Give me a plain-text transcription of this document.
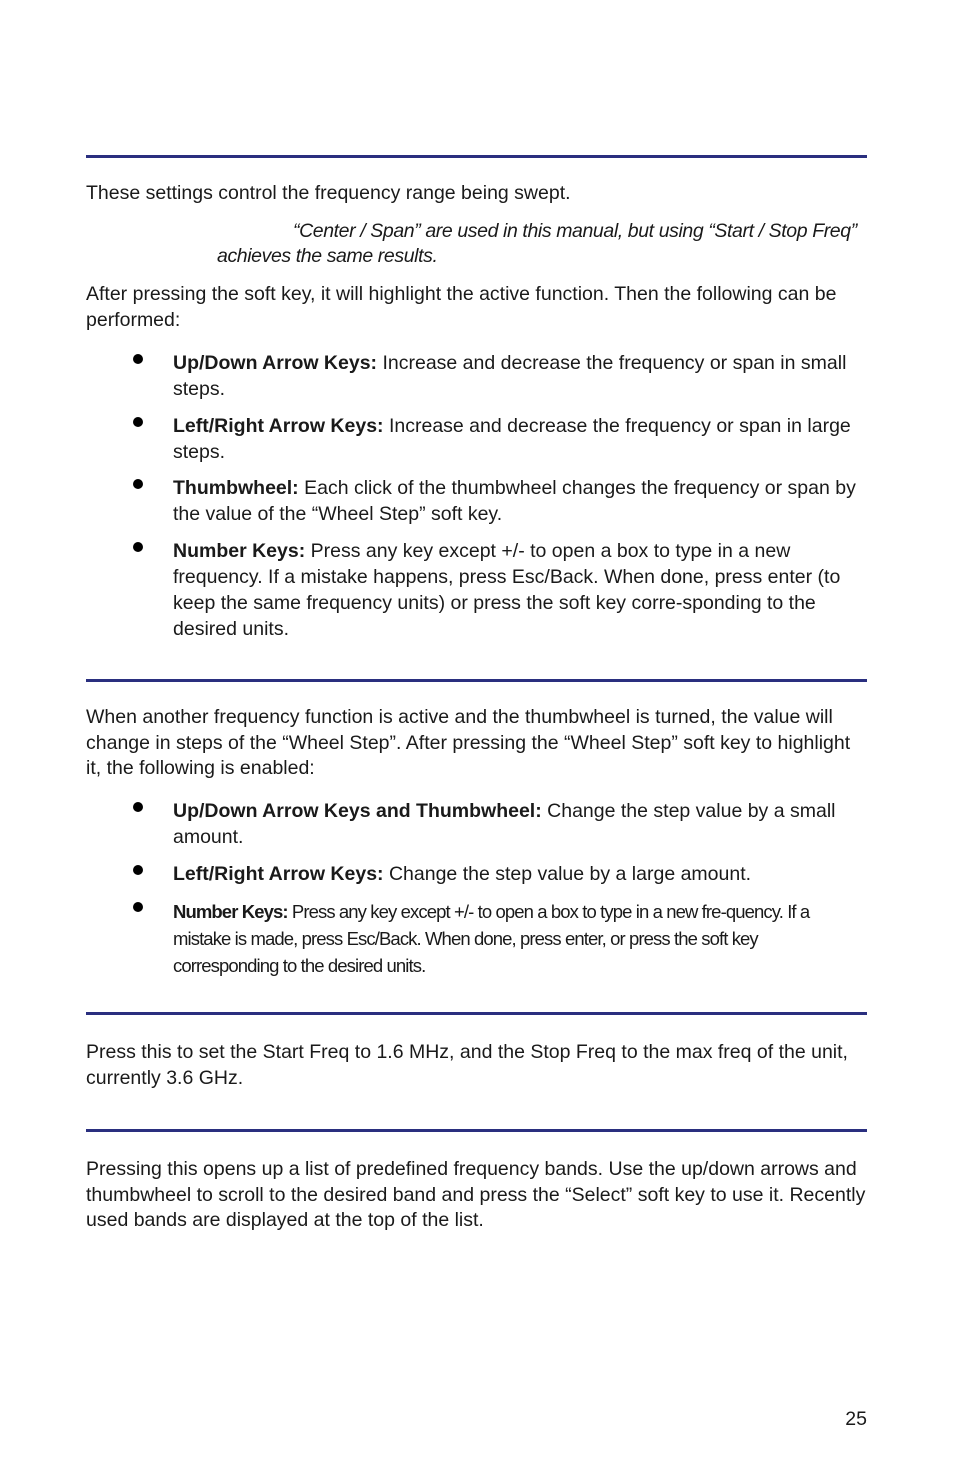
These settings control the frequency range being swept.

“Center / Span” are used in this manual, but using “Start / Stop Freq” achieves the same results.

After pressing the soft key, it will highlight the active function. Then the following can be performed:

Up/Down Arrow Keys: Increase and decrease the frequency or span in small steps.

Left/Right Arrow Keys: Increase and decrease the frequency or span in large steps.

Thumbwheel: Each click of the thumbwheel changes the frequency or span by the value of the “Wheel Step” soft key.

Number Keys: Press any key except +/- to open a box to type in a new frequency. If a mistake happens, press Esc/Back. When done, press enter (to keep the same frequency units) or press the soft key corre-sponding to the desired units.

When another frequency function is active and the thumbwheel is turned, the value will change in steps of the “Wheel Step”. After pressing the “Wheel Step” soft key to highlight it, the following is enabled:

Up/Down Arrow Keys and Thumbwheel: Change the step value by a small amount.

Left/Right Arrow Keys: Change the step value by a large amount.

Number Keys: Press any key except +/- to open a box to type in a new fre-quency. If a mistake is made, press Esc/Back. When done, press enter, or press the soft key corresponding to the desired units.

Press this to set the Start Freq to 1.6 MHz, and the Stop Freq to the max freq of the unit, currently 3.6 GHz.

Pressing this opens up a list of predefined frequency bands. Use the up/down arrows and thumbwheel to scroll to the desired band and press the “Select” soft key to use it. Recently used bands are displayed at the top of the list.

25
